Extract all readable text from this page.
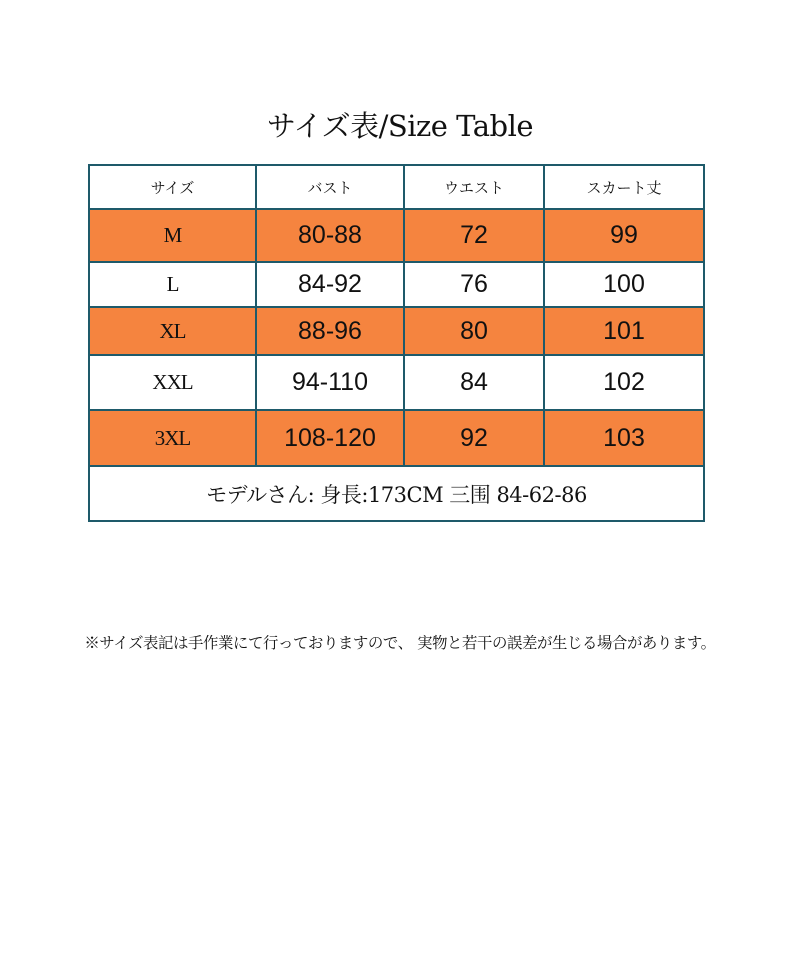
サイズ表/Size Table
サイズ	バスト	ウエスト	スカート丈
M	80-88	72	99
L	84-92	76	100
XL	88-96	80	101
XXL	94-110	84	102
3XL	108-120	92	103
モデルさん: 身長:173CM 三围 84-62-86			
※サイズ表記は手作業にて行っておりますので、 実物と若干の誤差が生じる場合があります。
